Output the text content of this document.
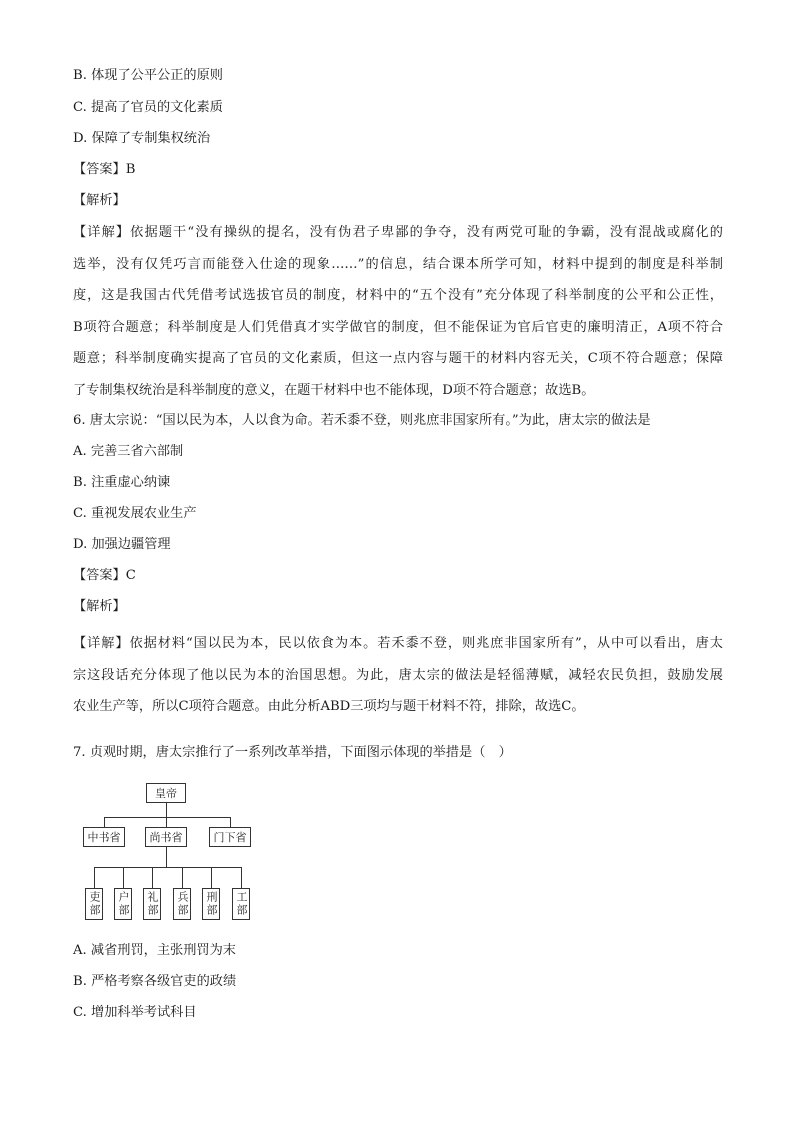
B. 体现了公平公正的原则
C. 提高了官员的文化素质
D. 保障了专制集权统治
【答案】B
【解析】
【详解】依据题干“没有操纵的提名，没有伪君子卑鄙的争夺，没有两党可耻的争霸，没有混战或腐化的
选举，没有仅凭巧言而能登入仕途的现象……”的信息，结合课本所学可知，材料中提到的制度是科举制
度，这是我国古代凭借考试选拔官员的制度，材料中的“五个没有”充分体现了科举制度的公平和公正性，
B项符合题意；科举制度是人们凭借真才实学做官的制度，但不能保证为官后官吏的廉明清正，A项不符合
题意；科举制度确实提高了官员的文化素质，但这一点内容与题干的材料内容无关，C项不符合题意；保障
了专制集权统治是科举制度的意义，在题干材料中也不能体现，D项不符合题意；故选B。
6. 唐太宗说：“国以民为本，人以食为命。若禾黍不登，则兆庶非国家所有。”为此，唐太宗的做法是
A. 完善三省六部制
B. 注重虚心纳谏
C. 重视发展农业生产
D. 加强边疆管理
【答案】C
【解析】
【详解】依据材料“国以民为本，民以依食为本。若禾黍不登，则兆庶非国家所有”，从中可以看出，唐太
宗这段话充分体现了他以民为本的治国思想。为此，唐太宗的做法是轻徭薄赋，减轻农民负担，鼓励发展
农业生产等，所以C项符合题意。由此分析ABD三项均与题干材料不符，排除，故选C。
7. 贞观时期，唐太宗推行了一系列改革举措，下面图示体现的举措是（　）
皇帝
中书省	尚书省	门下省
吏部 户部 礼部 兵部 刑部 工部
A. 减省刑罚，主张刑罚为末
B. 严格考察各级官吏的政绩
C. 增加科举考试科目
